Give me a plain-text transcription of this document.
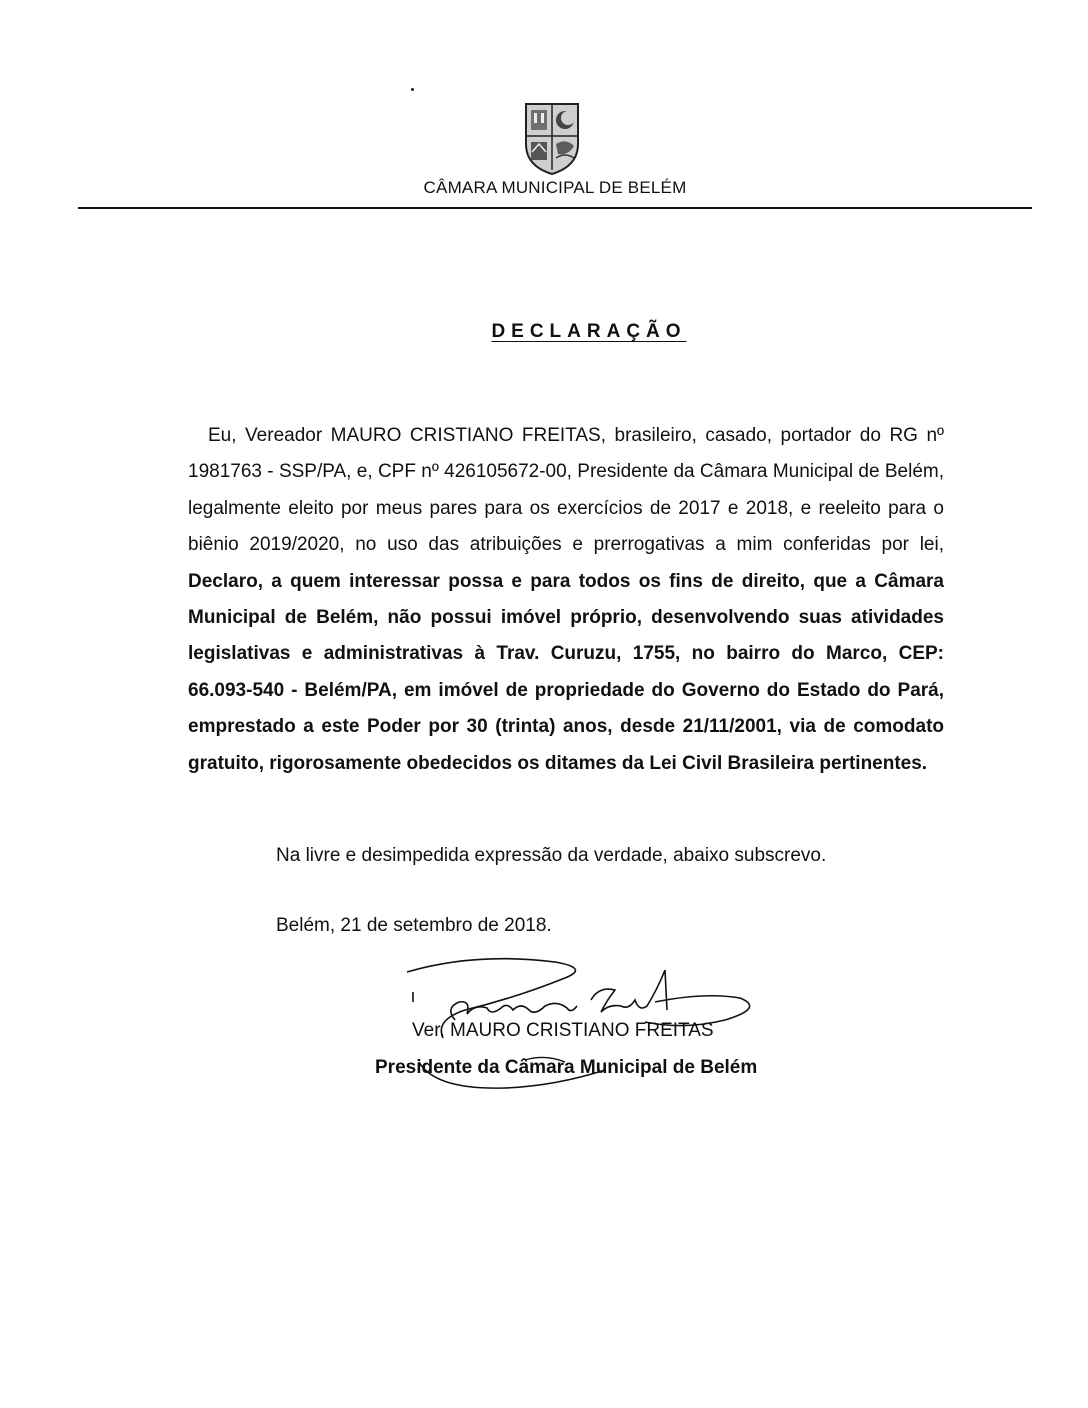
CÂMARA MUNICIPAL DE BELÉM
DECLARAÇÃO
Eu, Vereador MAURO CRISTIANO FREITAS, brasileiro, casado, portador do RG nº 1981763 - SSP/PA, e, CPF nº 426105672-00, Presidente da Câmara Municipal de Belém, legalmente eleito por meus pares para os exercícios de 2017 e 2018, e reeleito para o biênio 2019/2020, no uso das atribuições e prerrogativas a mim conferidas por lei, Declaro, a quem interessar possa e para todos os fins de direito, que a Câmara Municipal de Belém, não possui imóvel próprio, desenvolvendo suas atividades legislativas e administrativas à Trav. Curuzu, 1755, no bairro do Marco, CEP: 66.093-540 - Belém/PA, em imóvel de propriedade do Governo do Estado do Pará, emprestado a este Poder por 30 (trinta) anos, desde 21/11/2001, via de comodato gratuito, rigorosamente obedecidos os ditames da Lei Civil Brasileira pertinentes.
Na livre e desimpedida expressão da verdade, abaixo subscrevo.
Belém, 21 de setembro de 2018.
Ver. MAURO CRISTIANO FREITAS
Presidente da Câmara Municipal de Belém
